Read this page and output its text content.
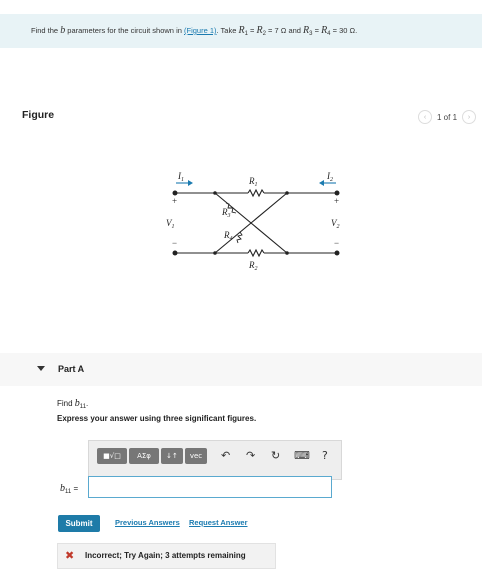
Find the b parameters for the circuit shown in (Figure 1). Take $R_1 = R_2 = 7$ Ω and $R_3 = R_4 = 30$ Ω.
Figure	‹ 1 of 1 ›
$I_1$	$I_2$
+	+
$V_1$	$V_2$
−	−
$R_1$
$R_2$
$R_3$
$R_4$
Part A
Find $b_{11}$.
Express your answer using three significant figures.
■√□	ΑΣφ	↓↑	vec	↶ ↷ ↻ ⌨ ?
$b_{11}$ =
Submit	Previous Answers Request Answer
✖ Incorrect; Try Again; 3 attempts remaining
